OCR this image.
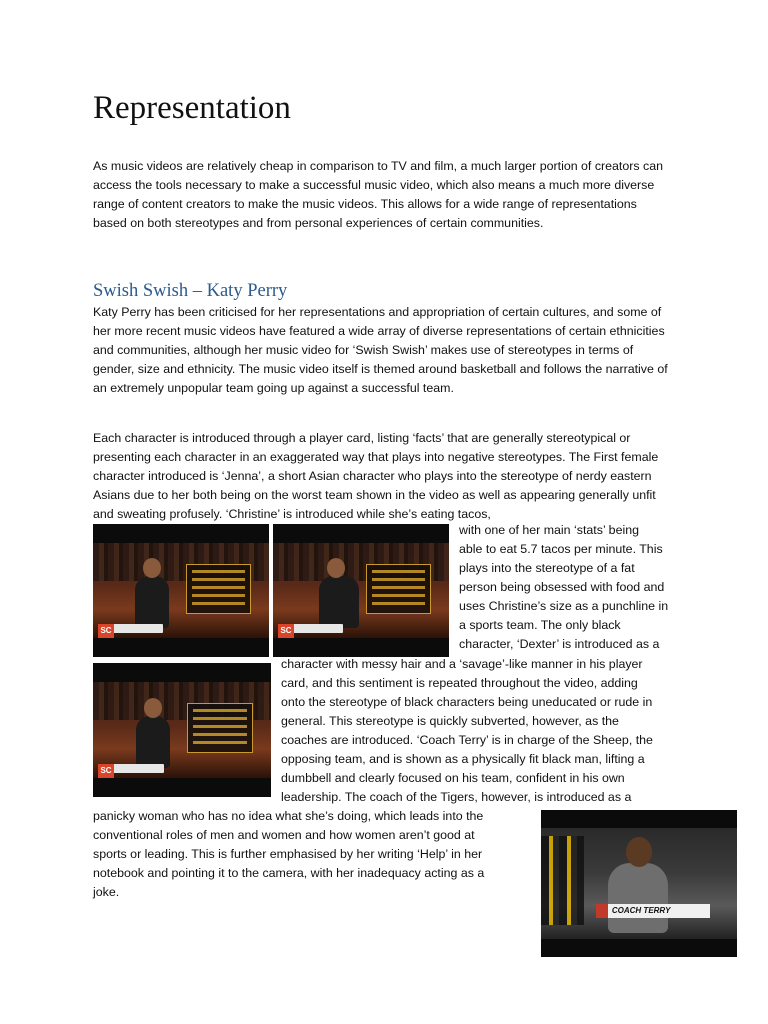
Representation

As music videos are relatively cheap in comparison to TV and film, a much larger portion of creators can access the tools necessary to make a successful music video, which also means a much more diverse range of content creators to make the music videos. This allows for a wide range of representations based on both stereotypes and from personal experiences of certain communities.

Swish Swish – Katy Perry

Katy Perry has been criticised for her representations and appropriation of certain cultures, and some of her more recent music videos have featured a wide array of diverse representations of certain ethnicities and communities, although her music video for ‘Swish Swish’ makes use of stereotypes in terms of gender, size and ethnicity. The music video itself is themed around basketball and follows the narrative of an extremely unpopular team going up against a successful team.

Each character is introduced through a player card, listing ‘facts’ that are generally stereotypical or presenting each character in an exaggerated way that plays into negative stereotypes. The First female character introduced is ‘Jenna’, a short Asian character who plays into the stereotype of nerdy eastern Asians due to her both being on the worst team shown in the video as well as appearing generally unfit and sweating profusely. ‘Christine’ is introduced while she’s eating tacos,

SC	SC
SC
with one of her main ‘stats’ being
able to eat 5.7 tacos per minute. This
plays into the stereotype of a fat
person being obsessed with food and
uses Christine’s size as a punchline in
a sports team. The only black
character, ‘Dexter’ is introduced as a
character with messy hair and a ‘savage’-like manner in his player
card, and this sentiment is repeated throughout the video, adding
onto the stereotype of black characters being uneducated or rude in
general. This stereotype is quickly subverted, however, as the
coaches are introduced. ‘Coach Terry’ is in charge of the Sheep, the
opposing team, and is shown as a physically fit black man, lifting a
dumbbell and clearly focused on his team, confident in his own
leadership. The coach of the Tigers, however, is introduced as a
panicky woman who has no idea what she’s doing, which leads into the
conventional roles of men and women and how women aren’t good at
sports or leading. This is further emphasised by her writing ‘Help’ in her
notebook and pointing it to the camera, with her inadequacy acting as a
joke.
COACH TERRY
